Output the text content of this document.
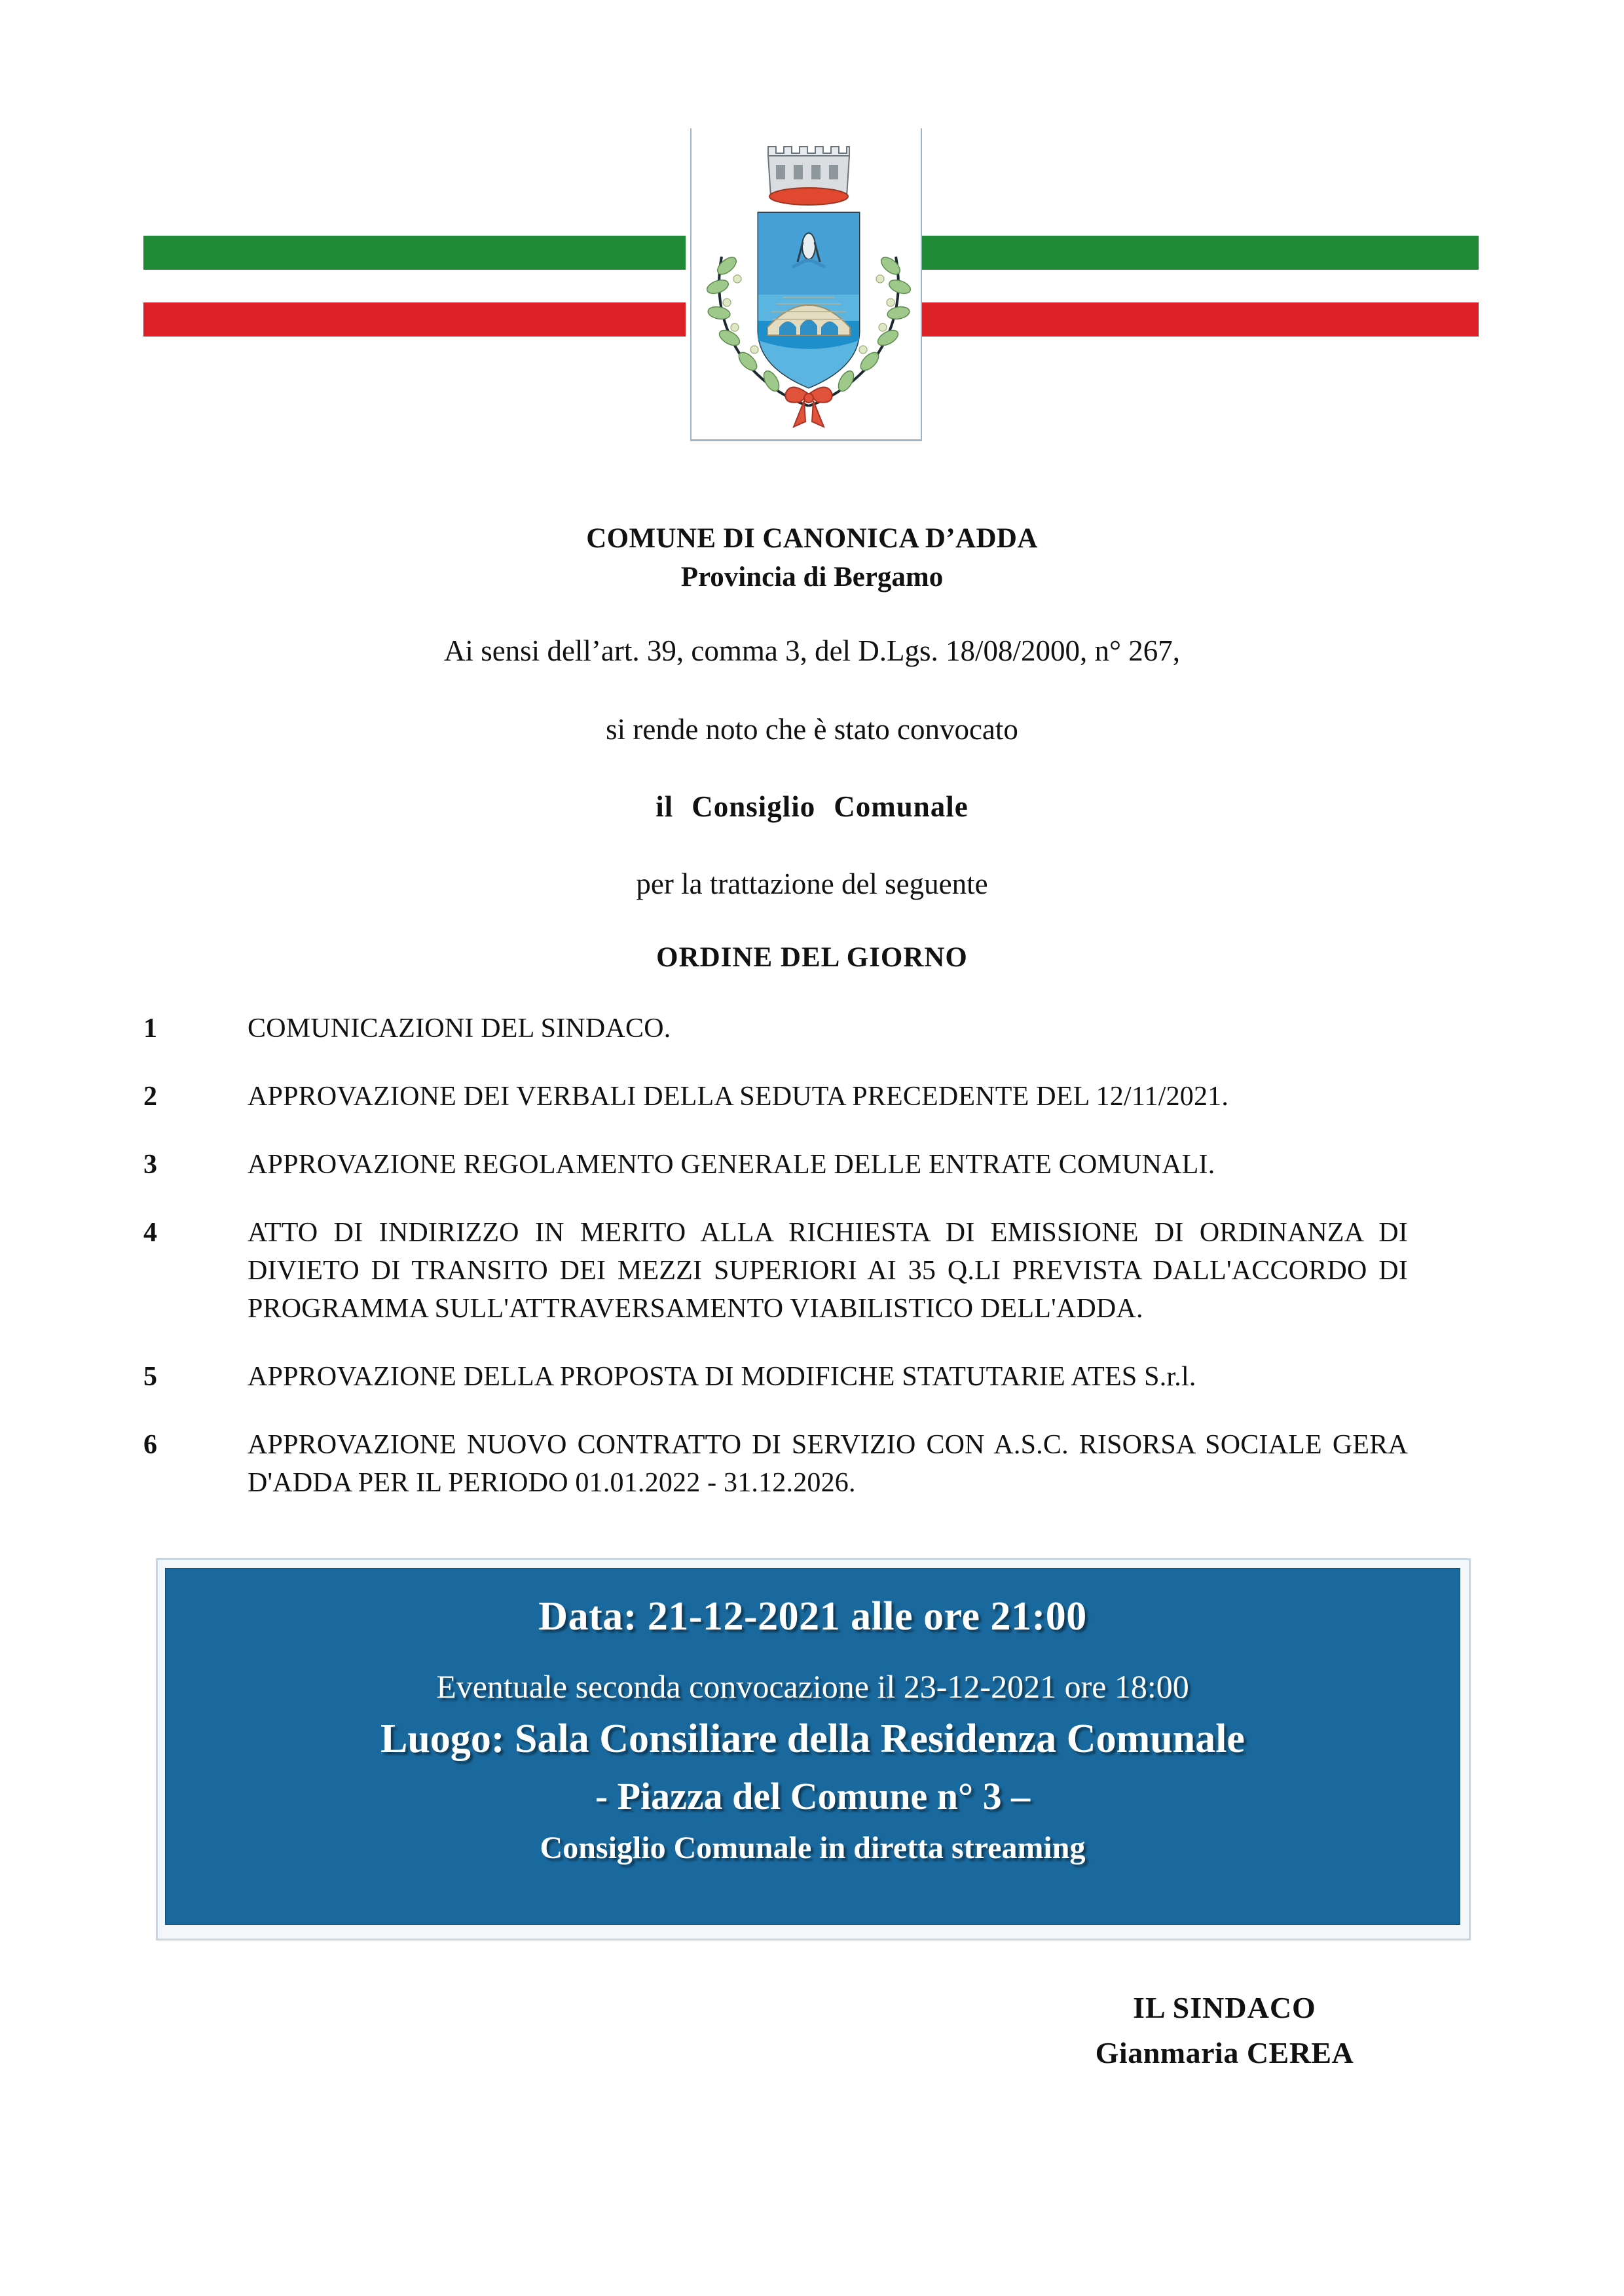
COMUNE DI CANONICA D’ADDA
Provincia di Bergamo
Ai sensi dell’art. 39, comma 3, del D.Lgs. 18/08/2000, n° 267,
si rende noto che è stato convocato
il Consiglio Comunale
per la trattazione del seguente
ORDINE DEL GIORNO
1	COMUNICAZIONI DEL SINDACO.
2	APPROVAZIONE DEI VERBALI DELLA SEDUTA PRECEDENTE DEL 12/11/2021.
3	APPROVAZIONE REGOLAMENTO GENERALE DELLE ENTRATE COMUNALI.
4	ATTO DI INDIRIZZO IN MERITO ALLA RICHIESTA DI EMISSIONE DI ORDINANZA DI DIVIETO DI TRANSITO DEI MEZZI SUPERIORI AI 35 Q.LI PREVISTA DALL'ACCORDO DI PROGRAMMA SULL'ATTRAVERSAMENTO VIABILISTICO DELL'ADDA.
5	APPROVAZIONE DELLA PROPOSTA DI MODIFICHE STATUTARIE ATES S.r.l.
6	APPROVAZIONE NUOVO CONTRATTO DI SERVIZIO CON A.S.C. RISORSA SOCIALE GERA D'ADDA PER IL PERIODO 01.01.2022 - 31.12.2026.
Data: 21-12-2021 alle ore 21:00
Eventuale seconda convocazione il 23-12-2021 ore 18:00
Luogo: Sala Consiliare della Residenza Comunale
- Piazza del Comune n° 3 –
Consiglio Comunale in diretta streaming
IL SINDACO
Gianmaria CEREA
